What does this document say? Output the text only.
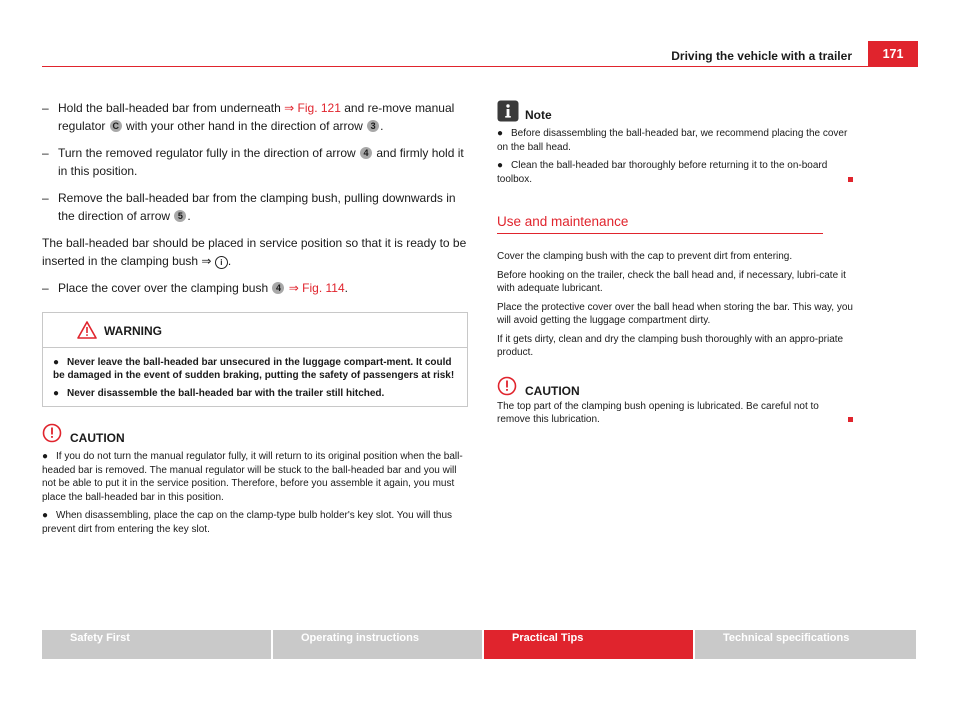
Driving the vehicle with a trailer	171
– Hold the ball-headed bar from underneath ⇒ Fig. 121 and re-move manual regulator C with your other hand in the direction of arrow 3 .
– Turn the removed regulator fully in the direction of arrow 4 and firmly hold it in this position.
– Remove the ball-headed bar from the clamping bush, pulling downwards in the direction of arrow 5 .
The ball-headed bar should be placed in service position so that it is ready to be inserted in the clamping bush ⇒ i .
– Place the cover over the clamping bush 4 ⇒ Fig. 114.
WARNING
● Never leave the ball-headed bar unsecured in the luggage compart-ment. It could be damaged in the event of sudden braking, putting the safety of passengers at risk!
● Never disassemble the ball-headed bar with the trailer still hitched.
CAUTION
● If you do not turn the manual regulator fully, it will return to its original position when the ball-headed bar is removed. The manual regulator will be stuck to the ball-headed bar and you will not be able to put it in the service position. Therefore, before you assemble it again, you must place the ball-headed bar in this position.
● When disassembling, place the cap on the clamp-type bulb holder's key slot. You will thus prevent dirt from entering the key slot.
Note
● Before disassembling the ball-headed bar, we recommend placing the cover on the ball head.
● Clean the ball-headed bar thoroughly before returning it to the on-board toolbox.
Use and maintenance
Cover the clamping bush with the cap to prevent dirt from entering.
Before hooking on the trailer, check the ball head and, if necessary, lubri-cate it with adequate lubricant.
Place the protective cover over the ball head when storing the bar. This way, you will avoid getting the luggage compartment dirty.
If it gets dirty, clean and dry the clamping bush thoroughly with an appro-priate product.
CAUTION
The top part of the clamping bush opening is lubricated. Be careful not to remove this lubrication.
Safety First	Operating instructions	Practical Tips	Technical specifications
